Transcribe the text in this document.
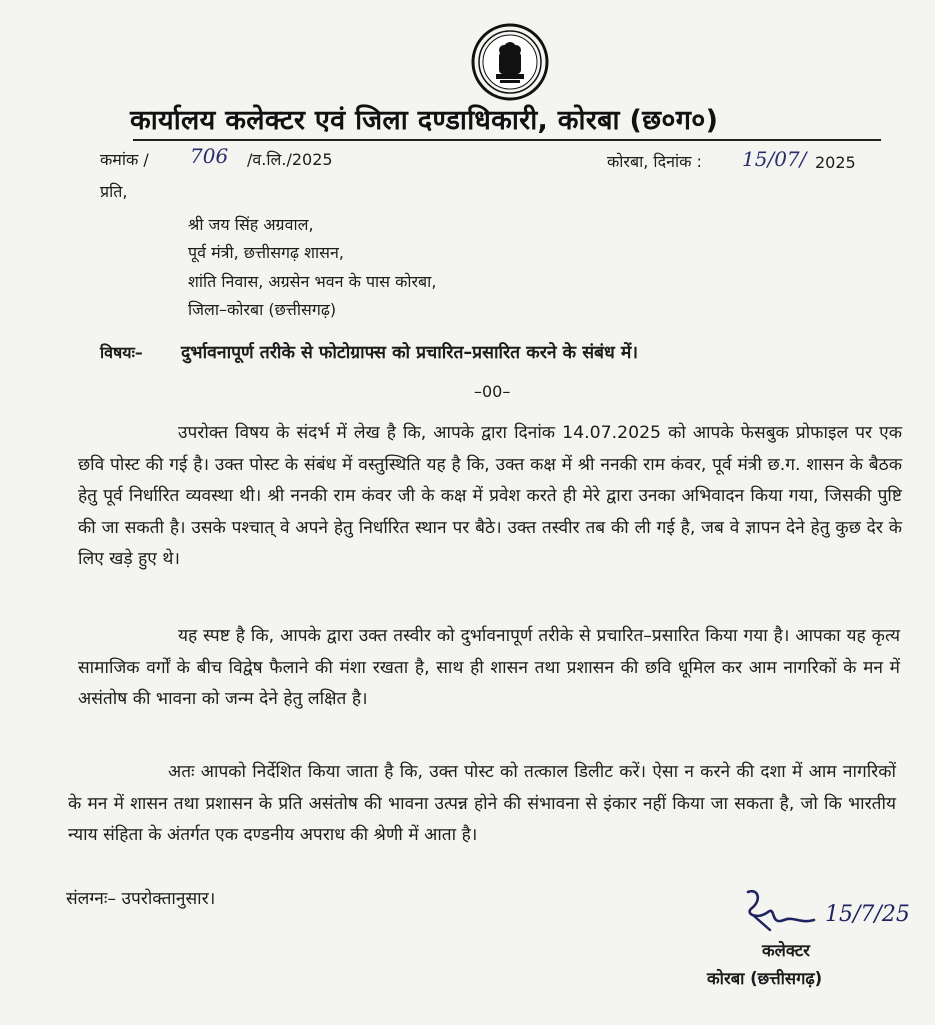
कार्यालय कलेक्टर एवं जिला दण्डाधिकारी, कोरबा (छ०ग०)
कमांक / 706 /व.लि./2025	कोरबा, दिनांक : 15/07/ 2025
प्रति,
श्री जय सिंह अग्रवाल,
पूर्व मंत्री, छत्तीसगढ़ शासन,
शांति निवास, अग्रसेन भवन के पास कोरबा,
जिला–कोरबा (छत्तीसगढ़)
विषयः– दुर्भावनापूर्ण तरीके से फोटोग्राफ्स को प्रचारित–प्रसारित करने के संबंध में।
–00–
उपरोक्त विषय के संदर्भ में लेख है कि, आपके द्वारा दिनांक 14.07.2025 को आपके फेसबुक प्रोफाइल पर एक छवि पोस्ट की गई है। उक्त पोस्ट के संबंध में वस्तुस्थिति यह है कि, उक्त कक्ष में श्री ननकी राम कंवर, पूर्व मंत्री छ.ग. शासन के बैठक हेतु पूर्व निर्धारित व्यवस्था थी। श्री ननकी राम कंवर जी के कक्ष में प्रवेश करते ही मेरे द्वारा उनका अभिवादन किया गया, जिसकी पुष्टि की जा सकती है। उसके पश्चात् वे अपने हेतु निर्धारित स्थान पर बैठे। उक्त तस्वीर तब की ली गई है, जब वे ज्ञापन देने हेतु कुछ देर के लिए खड़े हुए थे।
यह स्पष्ट है कि, आपके द्वारा उक्त तस्वीर को दुर्भावनापूर्ण तरीके से प्रचारित–प्रसारित किया गया है। आपका यह कृत्य सामाजिक वर्गों के बीच विद्वेष फैलाने की मंशा रखता है, साथ ही शासन तथा प्रशासन की छवि धूमिल कर आम नागरिकों के मन में असंतोष की भावना को जन्म देने हेतु लक्षित है।
अतः आपको निर्देशित किया जाता है कि, उक्त पोस्ट को तत्काल डिलीट करें। ऐसा न करने की दशा में आम नागरिकों के मन में शासन तथा प्रशासन के प्रति असंतोष की भावना उत्पन्न होने की संभावना से इंकार नहीं किया जा सकता है, जो कि भारतीय न्याय संहिता के अंतर्गत एक दण्डनीय अपराध की श्रेणी में आता है।
संलग्नः– उपरोक्तानुसार।
15/7/25
कलेक्टर
कोरबा (छत्तीसगढ़)
